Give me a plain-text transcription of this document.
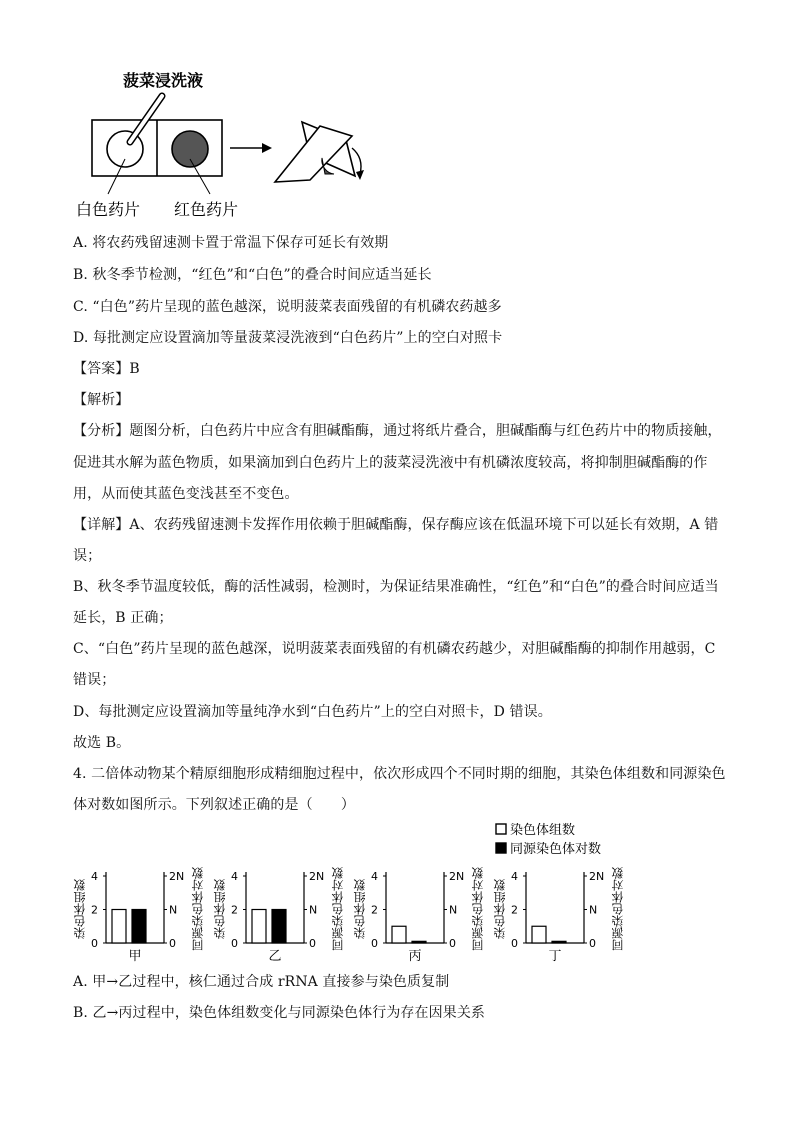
菠菜浸洗液
白色药片 红色药片
A. 将农药残留速测卡置于常温下保存可延长有效期
B. 秋冬季节检测，“红色”和“白色”的叠合时间应适当延长
C. “白色”药片呈现的蓝色越深，说明菠菜表面残留的有机磷农药越多
D. 每批测定应设置滴加等量菠菜浸洗液到“白色药片”上的空白对照卡
【答案】B
【解析】
【分析】题图分析，白色药片中应含有胆碱酯酶，通过将纸片叠合，胆碱酯酶与红色药片中的物质接触，
促进其水解为蓝色物质，如果滴加到白色药片上的菠菜浸洗液中有机磷浓度较高，将抑制胆碱酯酶的作
用，从而使其蓝色变浅甚至不变色。
【详解】A、农药残留速测卡发挥作用依赖于胆碱酯酶，保存酶应该在低温环境下可以延长有效期，A 错
误；
B、秋冬季节温度较低，酶的活性减弱，检测时，为保证结果准确性，“红色”和“白色”的叠合时间应适当
延长，B 正确；
C、“白色”药片呈现的蓝色越深，说明菠菜表面残留的有机磷农药越少，对胆碱酯酶的抑制作用越弱，C
错误；
D、每批测定应设置滴加等量纯净水到“白色药片”上的空白对照卡，D 错误。
故选 B。
4. 二倍体动物某个精原细胞形成精细胞过程中，依次形成四个不同时期的细胞，其染色体组数和同源染色
体对数如图所示。下列叙述正确的是（　　）
染色体组数
同源染色体对数
染色体组数
4
2
0
2N
N
0 同源染色体对数
甲
染色体组数
4
2
0
2N
N
0 同源染色体对数
乙
染色体组数
4
2
0
2N
N
0 同源染色体对数
丙
染色体组数
4
2
0
2N
N
0 同源染色体对数
丁
A. 甲→乙过程中，核仁通过合成 rRNA 直接参与染色质复制
B. 乙→丙过程中，染色体组数变化与同源染色体行为存在因果关系
